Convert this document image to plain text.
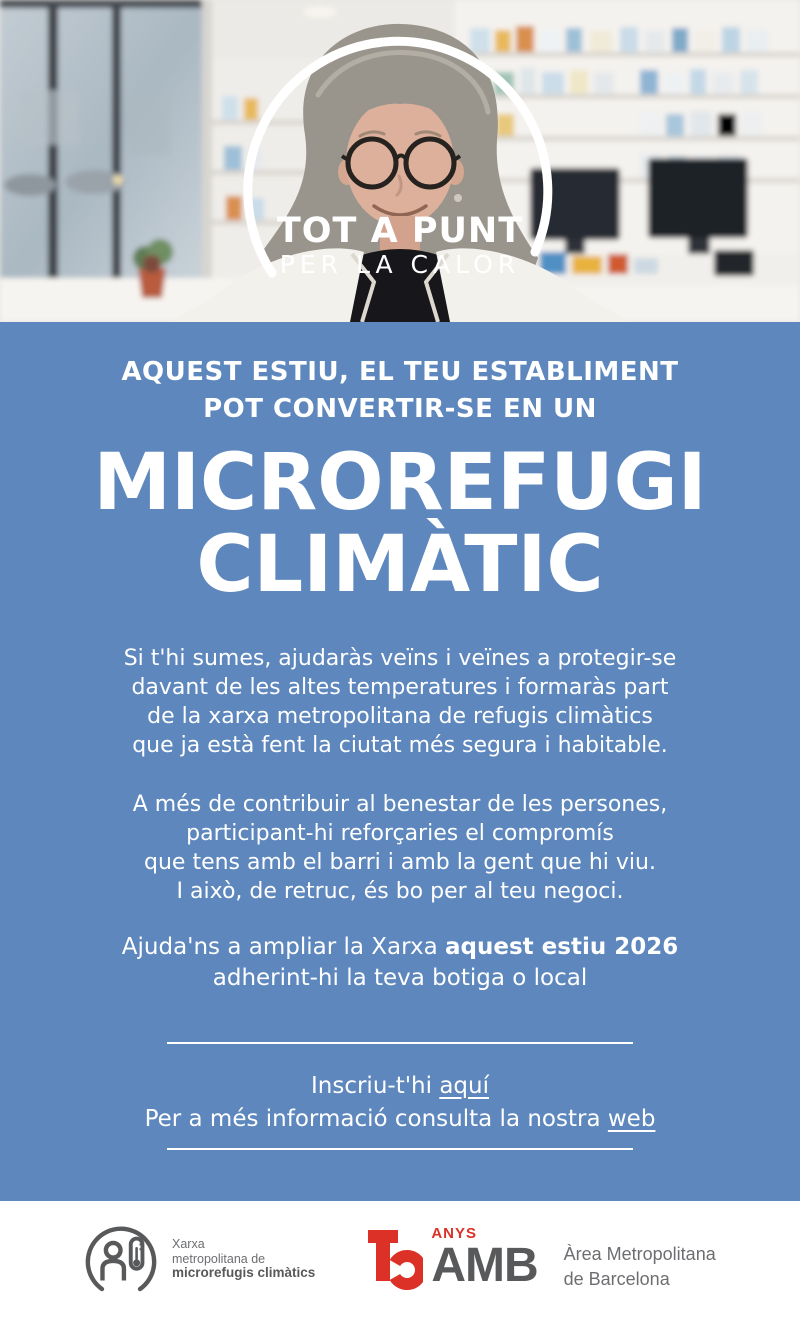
TOT A PUNT
PER LA CALOR
AQUEST ESTIU, EL TEU ESTABLIMENT
POT CONVERTIR-SE EN UN
MICROREFUGI
CLIMÀTIC
Si t'hi sumes, ajudaràs veïns i veïnes a protegir-se
davant de les altes temperatures i formaràs part
de la xarxa metropolitana de refugis climàtics
que ja està fent la ciutat més segura i habitable.
A més de contribuir al benestar de les persones,
participant-hi reforçaries el compromís
que tens amb el barri i amb la gent que hi viu.
I això, de retruc, és bo per al teu negoci.
Ajuda'ns a ampliar la Xarxa aquest estiu 2026
adherint-hi la teva botiga o local
Inscriu-t'hi aquí
Per a més informació consulta la nostra web
Xarxa
metropolitana de
microrefugis climàtics
ANYS
AMB Àrea Metropolitana
de Barcelona
